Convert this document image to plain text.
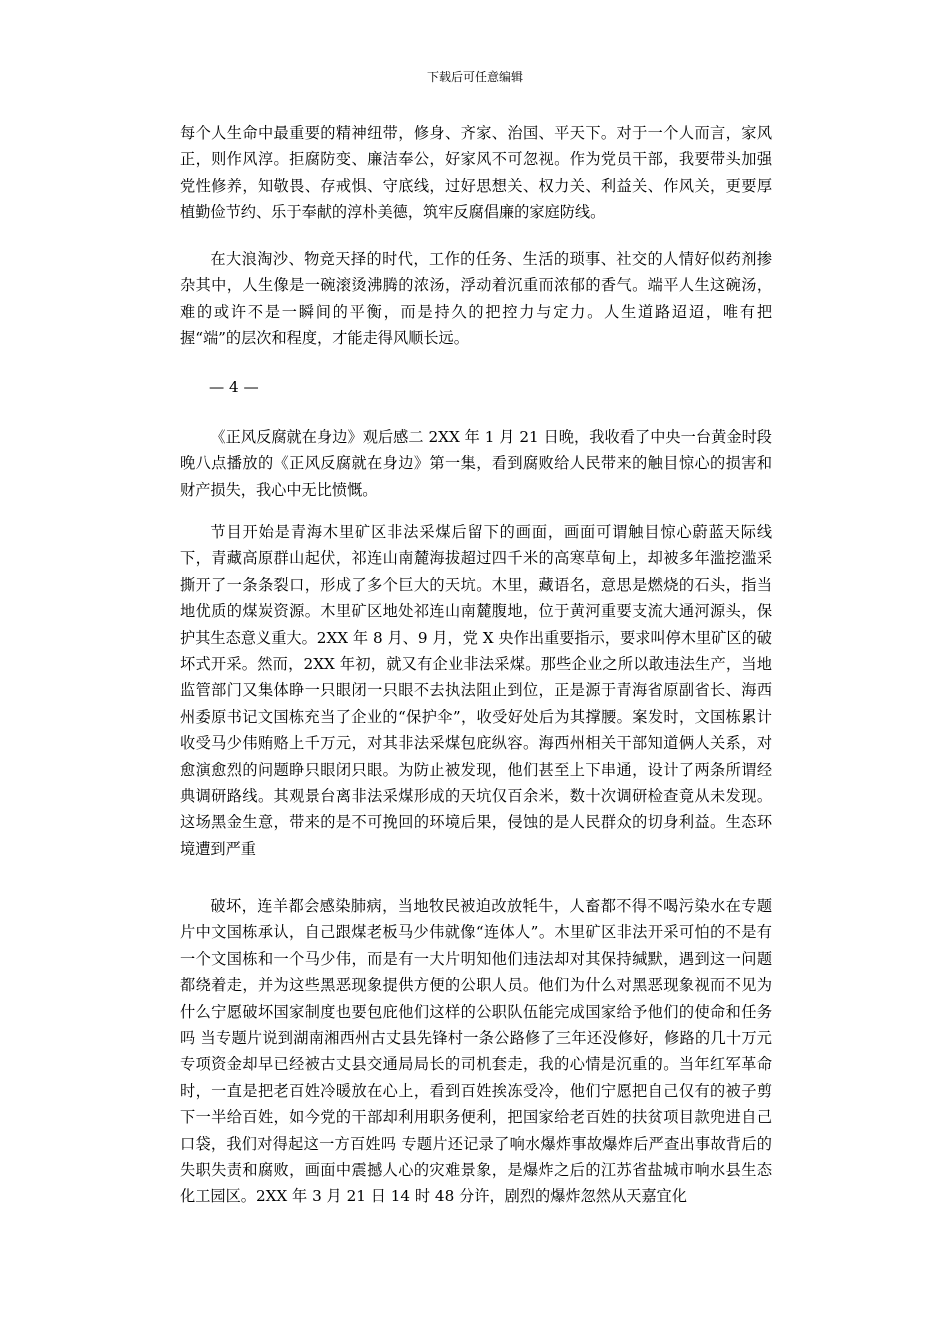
下载后可任意编辑

每个人生命中最重要的精神纽带，修身、齐家、治国、平天下。对于一个人而言，家风正，则作风淳。拒腐防变、廉洁奉公，好家风不可忽视。作为党员干部，我要带头加强党性修养，知敬畏、存戒惧、守底线，过好思想关、权力关、利益关、作风关，更要厚植勤俭节约、乐于奉献的淳朴美德，筑牢反腐倡廉的家庭防线。

在大浪淘沙、物竞天择的时代，工作的任务、生活的琐事、社交的人情好似药剂掺杂其中，人生像是一碗滚烫沸腾的浓汤，浮动着沉重而浓郁的香气。端平人生这碗汤，难的或许不是一瞬间的平衡，而是持久的把控力与定力。人生道路迢迢，唯有把握“端”的层次和程度，才能走得风顺长远。

— 4 —

《正风反腐就在身边》观后感二 2XX 年 1 月 21 日晚，我收看了中央一台黄金时段晚八点播放的《正风反腐就在身边》第一集，看到腐败给人民带来的触目惊心的损害和财产损失，我心中无比愤慨。

节目开始是青海木里矿区非法采煤后留下的画面，画面可谓触目惊心蔚蓝天际线下，青藏高原群山起伏，祁连山南麓海拔超过四千米的高寒草甸上，却被多年滥挖滥采撕开了一条条裂口，形成了多个巨大的天坑。木里，藏语名，意思是燃烧的石头，指当地优质的煤炭资源。木里矿区地处祁连山南麓腹地，位于黄河重要支流大通河源头，保护其生态意义重大。2XX 年 8 月、9 月，党 X 央作出重要指示，要求叫停木里矿区的破坏式开采。然而，2XX 年初，就又有企业非法采煤。那些企业之所以敢违法生产，当地监管部门又集体睁一只眼闭一只眼不去执法阻止到位，正是源于青海省原副省长、海西州委原书记文国栋充当了企业的“保护伞”，收受好处后为其撑腰。案发时，文国栋累计收受马少伟贿赂上千万元，对其非法采煤包庇纵容。海西州相关干部知道俩人关系，对愈演愈烈的问题睁只眼闭只眼。为防止被发现，他们甚至上下串通，设计了两条所谓经典调研路线。其观景台离非法采煤形成的天坑仅百余米，数十次调研检查竟从未发现。这场黑金生意，带来的是不可挽回的环境后果，侵蚀的是人民群众的切身利益。生态环境遭到严重

破坏，连羊都会感染肺病，当地牧民被迫改放牦牛，人畜都不得不喝污染水在专题片中文国栋承认，自己跟煤老板马少伟就像“连体人”。木里矿区非法开采可怕的不是有一个文国栋和一个马少伟，而是有一大片明知他们违法却对其保持缄默，遇到这一问题都绕着走，并为这些黑恶现象提供方便的公职人员。他们为什么对黑恶现象视而不见为什么宁愿破坏国家制度也要包庇他们这样的公职队伍能完成国家给予他们的使命和任务吗 当专题片说到湖南湘西州古丈县先锋村一条公路修了三年还没修好，修路的几十万元专项资金却早已经被古丈县交通局局长的司机套走，我的心情是沉重的。当年红军革命时，一直是把老百姓冷暖放在心上，看到百姓挨冻受冷，他们宁愿把自己仅有的被子剪下一半给百姓，如今党的干部却利用职务便利，把国家给老百姓的扶贫项目款兜进自己口袋，我们对得起这一方百姓吗 专题片还记录了响水爆炸事故爆炸后严查出事故背后的失职失责和腐败，画面中震撼人心的灾难景象，是爆炸之后的江苏省盐城市响水县生态化工园区。2XX 年 3 月 21 日 14 时 48 分许，剧烈的爆炸忽然从天嘉宜化
